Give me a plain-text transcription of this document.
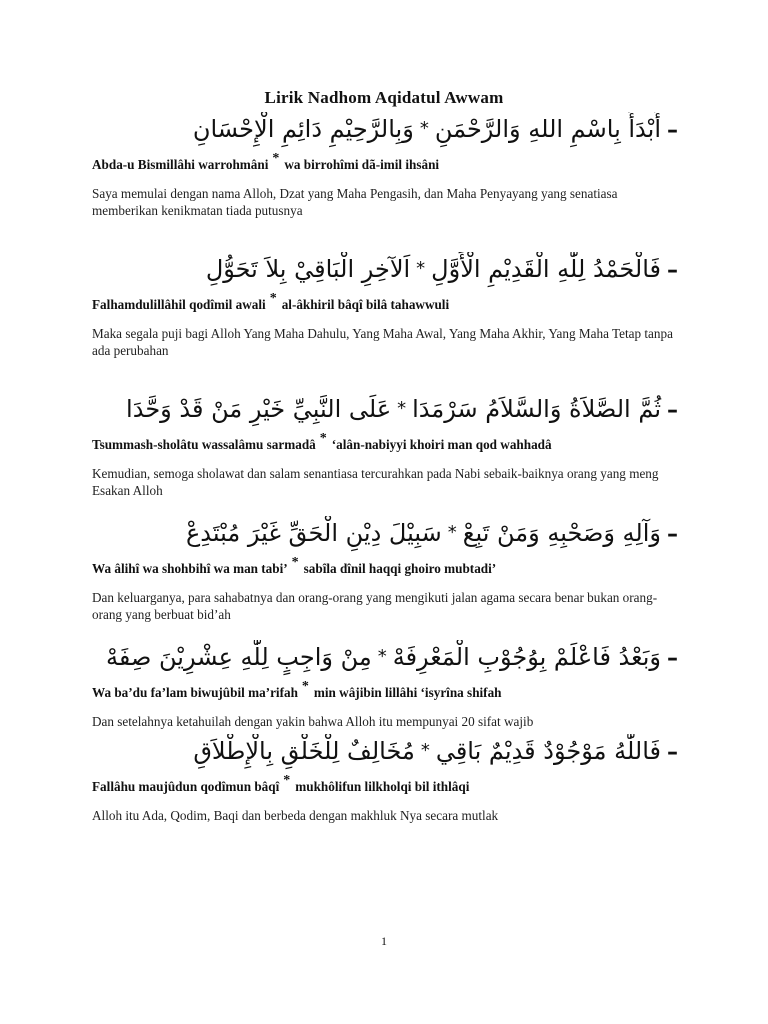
Lirik Nadhom Aqidatul Awwam
–أَبْدَأُ بِاسْمِ اللهِ وَالرَّحْمَنِ*وَبِالرَّحِيْمِ دَائِمِ الْإِحْسَانِ
Abda-u Bismillâhi warrohmâni * wa birrohîmi dã-imil ihsâni
Saya memulai dengan nama Alloh, Dzat yang Maha Pengasih, dan Maha Penyayang yang senatiasa memberikan kenikmatan tiada putusnya
–فَالْحَمْدُ لِلّٰهِ الْقَدِيْمِ الْأَوَّلِ*اَلآخِرِ الْبَاقِيْ بِلاَ تَحَوُّلِ
Falhamdulillâhil qodîmil awali * al-âkhiril bâqî bilâ tahawwuli
Maka segala puji bagi Alloh Yang Maha Dahulu, Yang Maha Awal, Yang Maha Akhir, Yang Maha Tetap tanpa ada perubahan
–ثُمَّ الصَّلاَةُ وَالسَّلاَمُ سَرْمَدَا*عَلَى النَّبِيِّ خَيْرِ مَنْ قَدْ وَحَّدَا
Tsummash-sholâtu wassalâmu sarmadâ * ‘alân-nabiyyi khoiri man qod wahhadâ
Kemudian, semoga sholawat dan salam senantiasa tercurahkan pada Nabi sebaik-baiknya orang yang meng Esakan Alloh
–وَآلِهِ وَصَحْبِهِ وَمَنْ تَبِعْ*سَبِيْلَ دِيْنِ الْحَقِّ غَيْرَ مُبْتَدِعْ
Wa âlihî wa shohbihî wa man tabi’ * sabîla dînil haqqi ghoiro mubtadi’
Dan keluarganya, para sahabatnya dan orang-orang yang mengikuti jalan agama secara benar bukan orang-orang yang berbuat bid’ah
–وَبَعْدُ فَاعْلَمْ بِوُجُوْبِ الْمَعْرِفَهْ*مِنْ وَاجِبٍ لِلّٰهِ عِشْرِيْنَ صِفَهْ
Wa ba’du fa’lam biwujûbil ma’rifah * min wâjibin lillâhi ‘isyrîna shifah
Dan setelahnya ketahuilah dengan yakin bahwa Alloh itu mempunyai 20 sifat wajib
–فَاللّٰهُ مَوْجُوْدٌ قَدِيْمٌ بَاقِي*مُخَالِفٌ لِلْخَلْقِ بِالْإِطْلاَقِ
Fallâhu maujûdun qodîmun bâqî * mukhôlifun lilkholqi bil ithlâqi
Alloh itu Ada, Qodim, Baqi dan berbeda dengan makhluk Nya secara mutlak
1
